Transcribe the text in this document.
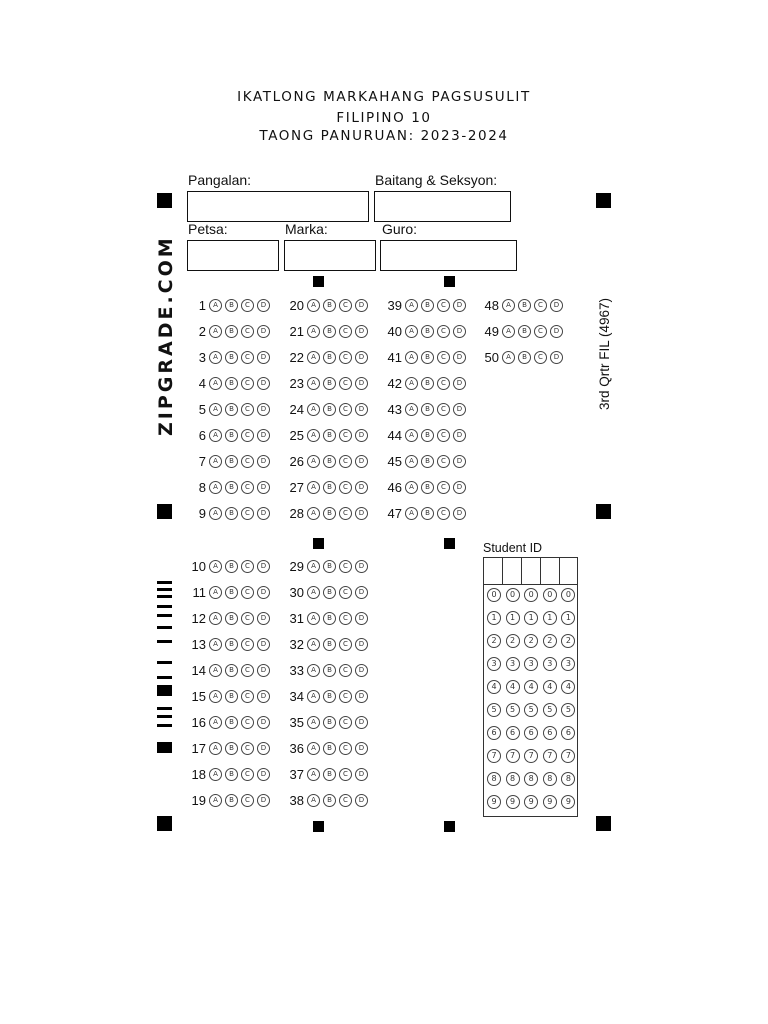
IKATLONG MARKAHANG PAGSUSULIT
FILIPINO 10
TAONG PANURUAN: 2023-2024
Pangalan:	Baitang & Seksyon:
Petsa:	Marka:	Guro:
ZIPGRADE.COM	3rd Qrtr FIL (4967)
1	A	B	C	D
2	A	B	C	D
3	A	B	C	D
4	A	B	C	D
5	A	B	C	D
6	A	B	C	D
7	A	B	C	D
8	A	B	C	D
9	A	B	C	D
20	A	B	C	D
21	A	B	C	D
22	A	B	C	D
23	A	B	C	D
24	A	B	C	D
25	A	B	C	D
26	A	B	C	D
27	A	B	C	D
28	A	B	C	D
39	A	B	C	D
40	A	B	C	D
41	A	B	C	D
42	A	B	C	D
43	A	B	C	D
44	A	B	C	D
45	A	B	C	D
46	A	B	C	D
47	A	B	C	D
48	A	B	C	D
49	A	B	C	D
50	A	B	C	D
10	A	B	C	D
11	A	B	C	D
12	A	B	C	D
13	A	B	C	D
14	A	B	C	D
15	A	B	C	D
16	A	B	C	D
17	A	B	C	D
18	A	B	C	D
19	A	B	C	D
29	A	B	C	D
30	A	B	C	D
31	A	B	C	D
32	A	B	C	D
33	A	B	C	D
34	A	B	C	D
35	A	B	C	D
36	A	B	C	D
37	A	B	C	D
38	A	B	C	D
Student ID
0	0	0	0	0
1	1	1	1	1
2	2	2	2	2
3	3	3	3	3
4	4	4	4	4
5	5	5	5	5
6	6	6	6	6
7	7	7	7	7
8	8	8	8	8
9	9	9	9	9
